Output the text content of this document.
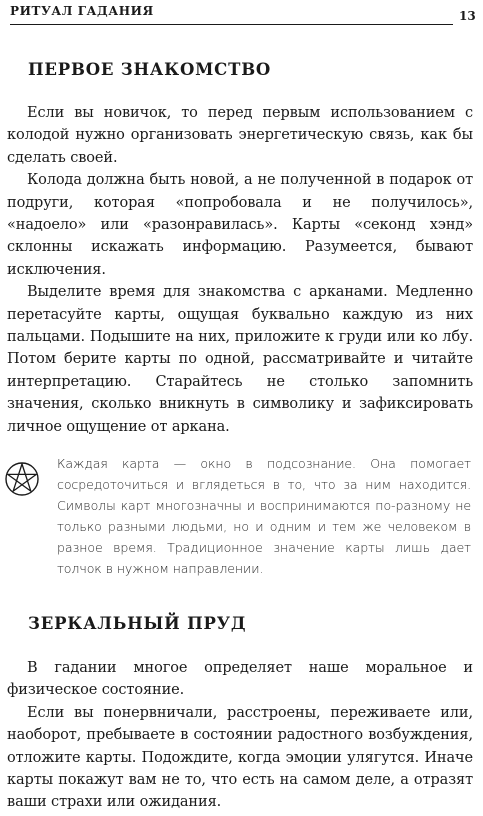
РИТУАЛ ГАДАНИЯ	13
ПЕРВОЕ ЗНАКОМСТВО

Если вы новичок, то перед первым использованием с колодой нужно организовать энергетическую связь, как бы сделать своей.

Колода должна быть новой, а не полученной в подарок от подруги, которая «попробовала и не получилось», «надоело» или «разонравилась». Карты «секонд хэнд» склонны искажать информацию. Разумеется, бывают исключения.

Выделите время для знакомства с арканами. Медленно перетасуйте карты, ощущая буквально каждую из них пальцами. Подышите на них, приложите к груди или ко лбу. Потом берите карты по одной, рассматривайте и читайте интерпретацию. Старайтесь не столько запомнить значения, сколько вникнуть в символику и зафиксировать личное ощущение от аркана.

Каждая карта — окно в подсознание. Она помогает сосредоточиться и вглядеться в то, что за ним находится. Символы карт многозначны и воспринимаются по-разному не только разными людьми, но и одним и тем же человеком в разное время. Традиционное значение карты лишь дает толчок в нужном направлении.

ЗЕРКАЛЬНЫЙ ПРУД

В гадании многое определяет наше моральное и физическое состояние.

Если вы понервничали, расстроены, переживаете или, наоборот, пребываете в состоянии радостного возбуждения, отложите карты. Подождите, когда эмоции улягутся. Иначе карты покажут вам не то, что есть на самом деле, а отразят ваши страхи или ожидания.
